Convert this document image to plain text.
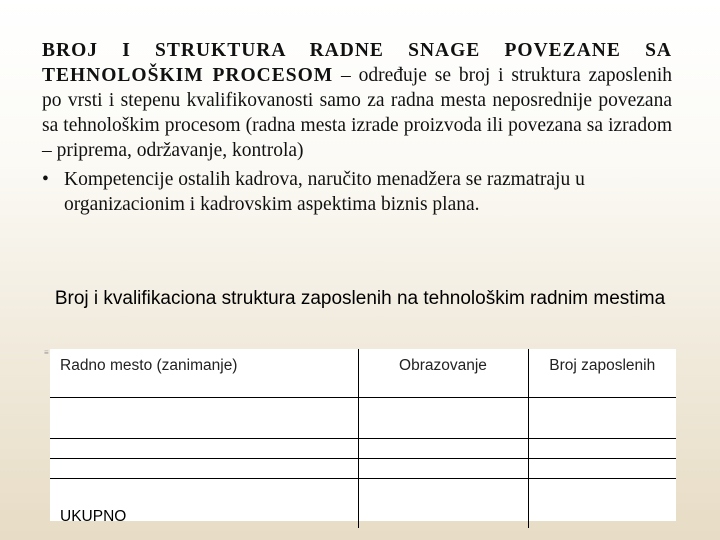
BROJ I STRUKTURA RADNE SNAGE POVEZANE SA TEHNOLOŠKIM PROCESOM – određuje se broj i struktura zaposlenih po vrsti i stepenu kvalifikovanosti samo za radna mesta neposrednije povezana sa tehnološkim procesom (radna mesta izrade proizvoda ili povezana sa izradom – priprema, održavanje, kontrola)

• Kompetencije ostalih kadrova, naručito menadžera se razmatraju u organizacionim i kadrovskim aspektima biznis plana.
Broj i kvalifikaciona struktura zaposlenih na tehnološkim radnim mestima
≡
Radno mesto (zanimanje)	Obrazovanje	Broj zaposlenih

UKUPNO		
